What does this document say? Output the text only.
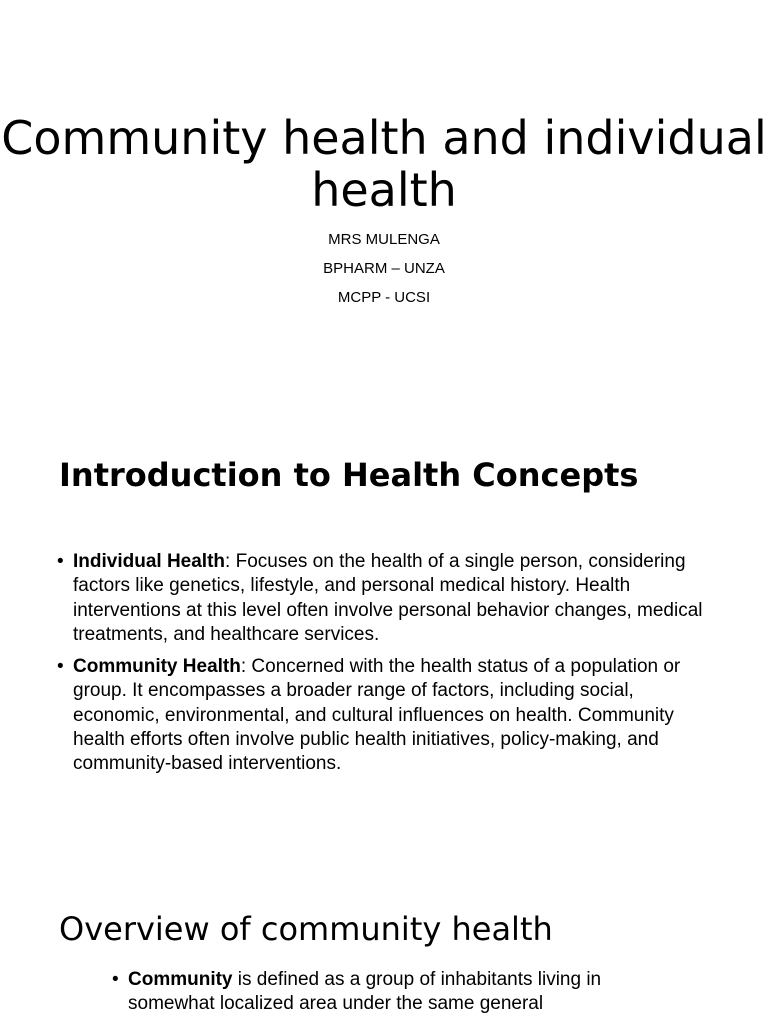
Community health and individual health
MRS MULENGA
BPHARM – UNZA
MCPP - UCSI
Introduction to Health Concepts
• Individual Health: Focuses on the health of a single person, considering factors like genetics, lifestyle, and personal medical history. Health interventions at this level often involve personal behavior changes, medical treatments, and healthcare services.
• Community Health: Concerned with the health status of a population or group. It encompasses a broader range of factors, including social, economic, environmental, and cultural influences on health. Community health efforts often involve public health initiatives, policy-making, and community-based interventions.
Overview of community health
• Community is defined as a group of inhabitants living in somewhat localized area under the same general
